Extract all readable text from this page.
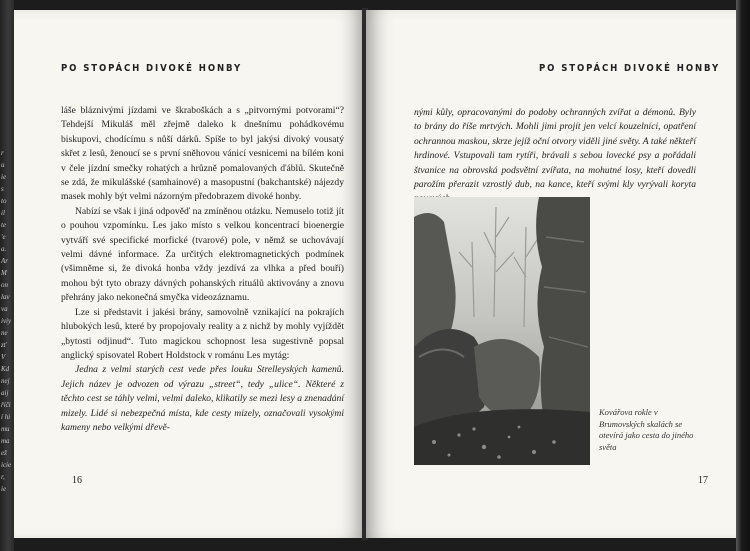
r
u
ie
s
to
il
te
'e
a.
Ar
M
on
lav
va
iviy
ne
zť
V
Kd
nej
aij
říči
í hi
mu
ma
ež
icie
r,
ie
PO STOPÁCH DIVOKÉ HONBY

láše bláznivými jízdami ve škraboškách a s „pitvornými potvorami“? Tehdejší Mikuláš měl zřejmě daleko k dnešnímu pohádkovému biskupovi, chodícímu s nůší dárků. Spíše to byl jakýsi divoký vousatý skřet z lesů, ženoucí se s první sněhovou vánicí vesnicemi na bílém koni v čele jízdní smečky rohatých a hrůzně pomalovaných ďáblů. Skutečně se zdá, že mikulášské (samhainové) a masopustní (bakchantské) nájezdy masek mohly být velmi názorným předobrazem divoké honby.

Nabízí se však i jiná odpověď na zmíněnou otázku. Nemuselo totiž jít o pouhou vzpomínku. Les jako místo s velkou koncentrací bioenergie vytváří své specifické morfické (tvarové) pole, v němž se uchovávají velmi dávné informace. Za určitých elektromagnetických podmínek (všimněme si, že divoká honba vždy jezdívá za vlhka a před bouří) mohou být tyto obrazy dávných pohanských rituálů aktivovány a znovu přehrány jako nekonečná smyčka videozáznamu.

Lze si představit i jakési brány, samovolně vznikající na pokrajích hlubokých lesů, které by propojovaly reality a z nichž by mohly vyjíždět „bytosti odjinud“. Tuto magickou schopnost lesa sugestivně popsal anglický spisovatel Robert Holdstock v románu Les mytág:

Jedna z velmi starých cest vede přes louku Strelleyských kamenů. Jejich název je odvozen od výrazu „street“, tedy „ulice“. Některé z těchto cest se táhly velmi, velmi daleko, klikatily se mezi lesy a znenadání mizely. Lidé si nebezpečná místa, kde cesty mizely, označovali vysokými kameny nebo velkými dřevě-

16
PO STOPÁCH DIVOKÉ HONBY
nými kůly, opracovanými do podoby ochranných zvířat a démonů. Byly to brány do říše mrtvých. Mohli jimi projít jen velcí kouzelníci, opatření ochrannou maskou, skrze jejíž oční otvory viděli jiné světy. A také někteří hrdinové. Vstupovali tam rytíři, brávali s sebou lovecké psy a pořádali štvanice na obrovská podsvětní zvířata, na mohutné losy, kteří dovedli parožím přerazit vzrostlý dub, na kance, kteří svými kly vyrývali koryta
Kovářova rokle v Brumovských skalách se otevírá jako cesta do jiného světa
17
